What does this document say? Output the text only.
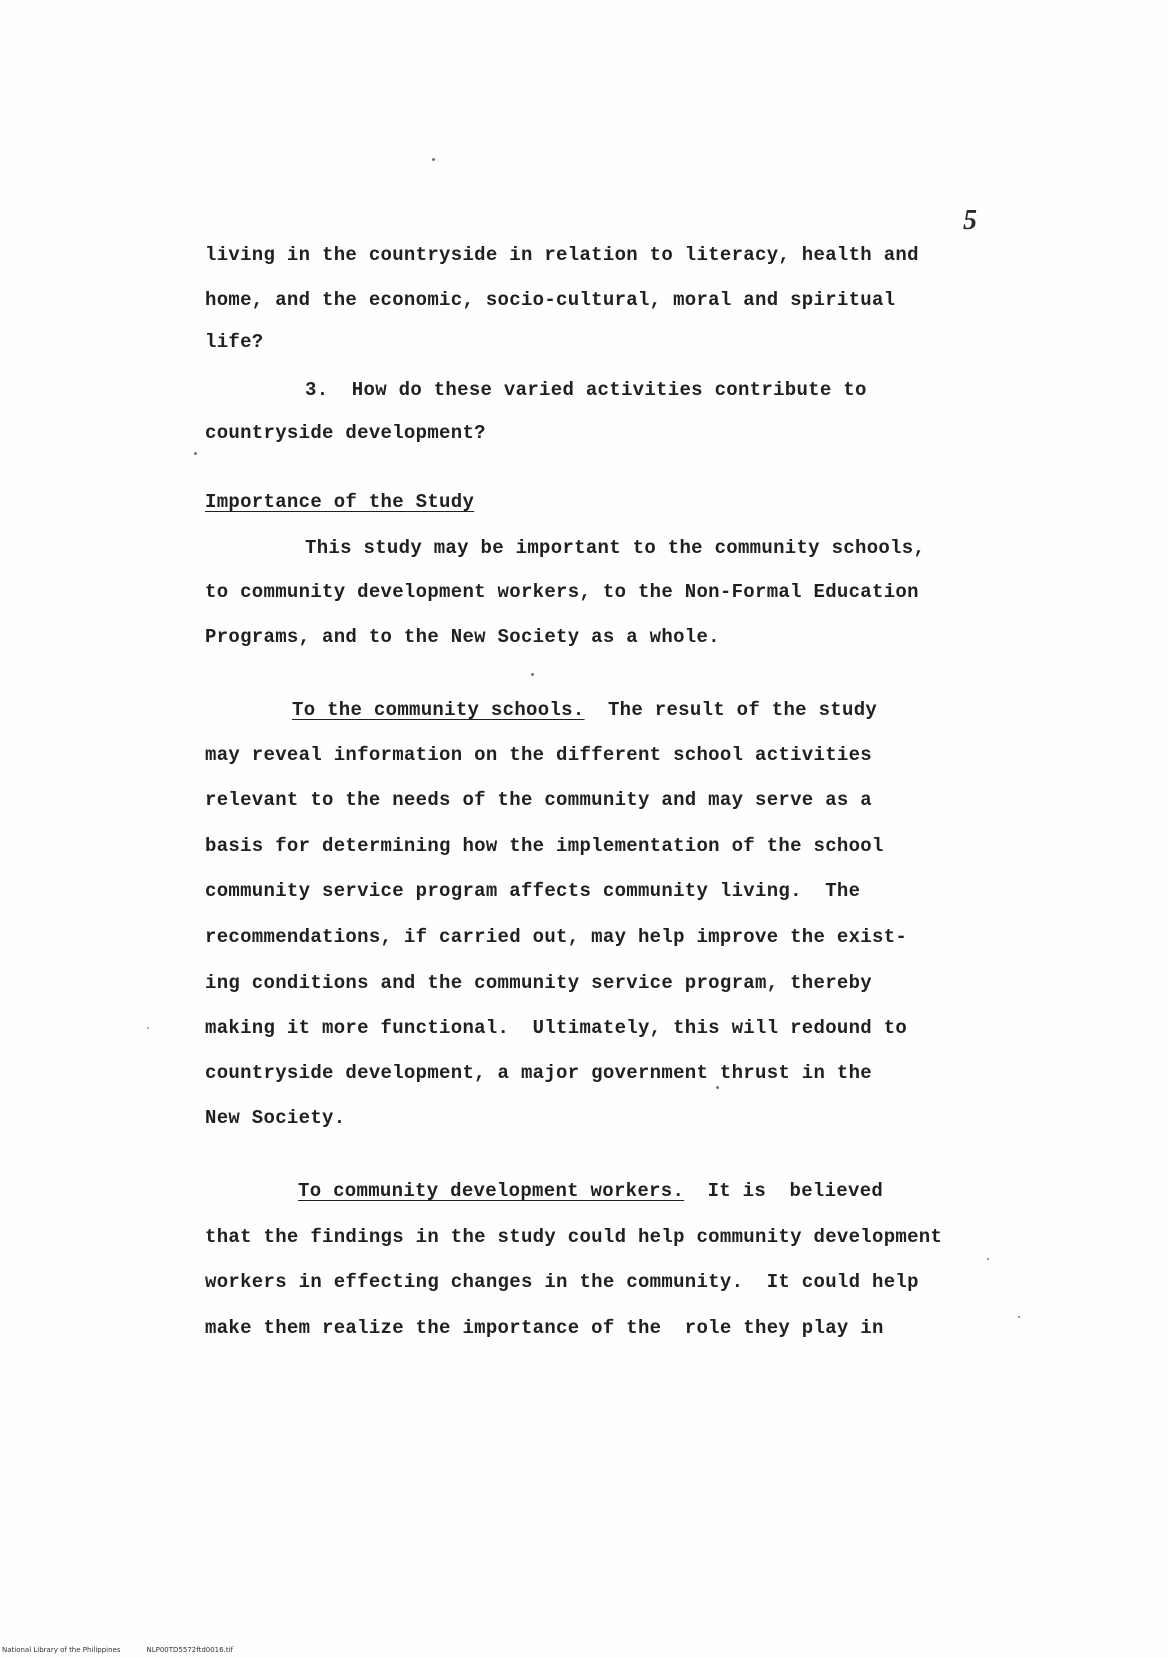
5
living in the countryside in relation to literacy, health and
home, and the economic, socio-cultural, moral and spiritual
life?
3.  How do these varied activities contribute to
countryside development?
Importance of the Study
This study may be important to the community schools,
to community development workers, to the Non-Formal Education
Programs, and to the New Society as a whole.
To the community schools.  The result of the study
may reveal information on the different school activities
relevant to the needs of the community and may serve as a
basis for determining how the implementation of the school
community service program affects community living.  The
recommendations, if carried out, may help improve the exist-
ing conditions and the community service program, thereby
making it more functional.  Ultimately, this will redound to
countryside development, a major government thrust in the
New Society.
To community development workers.  It is  believed
that the findings in the study could help community development
workers in effecting changes in the community.  It could help
make them realize the importance of the  role they play in
National Library of the Philippines	NLP00TD5572ftd0016.tif
